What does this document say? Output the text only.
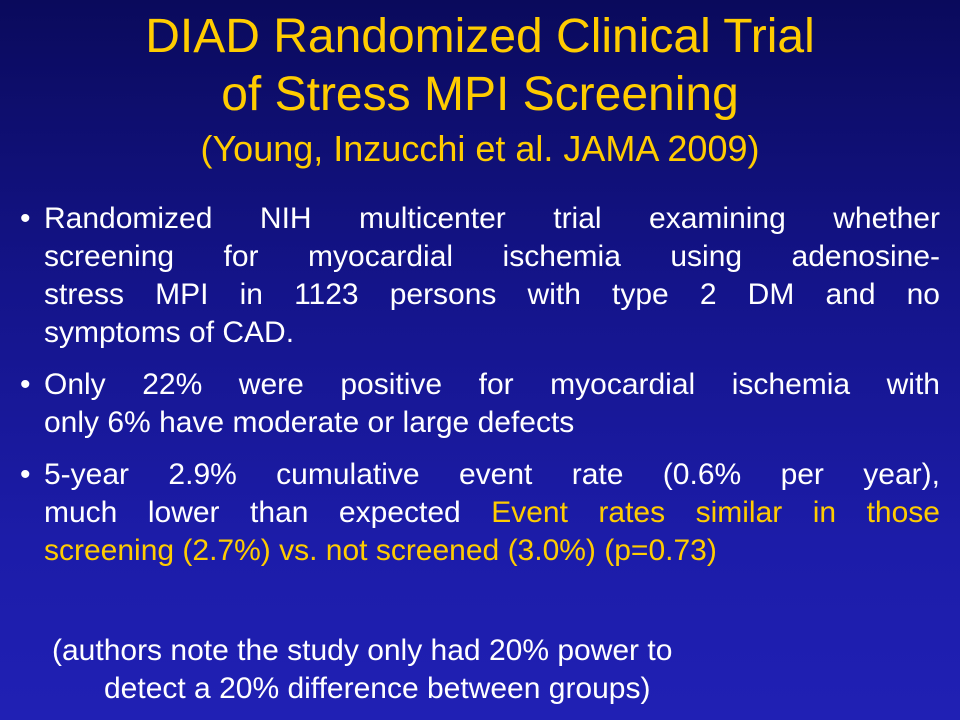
DIAD Randomized Clinical Trial
of Stress MPI Screening
(Young, Inzucchi et al. JAMA 2009)
• Randomized NIH multicenter trial examining whether
screening for myocardial ischemia using adenosine-
stress MPI in 1123 persons with type 2 DM and no
symptoms of CAD.
• Only 22% were positive for myocardial ischemia with
only 6% have moderate or large defects
• 5-year 2.9% cumulative event rate (0.6% per year),
much lower than expected Event rates similar in those
screening (2.7%) vs. not screened (3.0%) (p=0.73)
(authors note the study only had 20% power to
detect a 20% difference between groups)
